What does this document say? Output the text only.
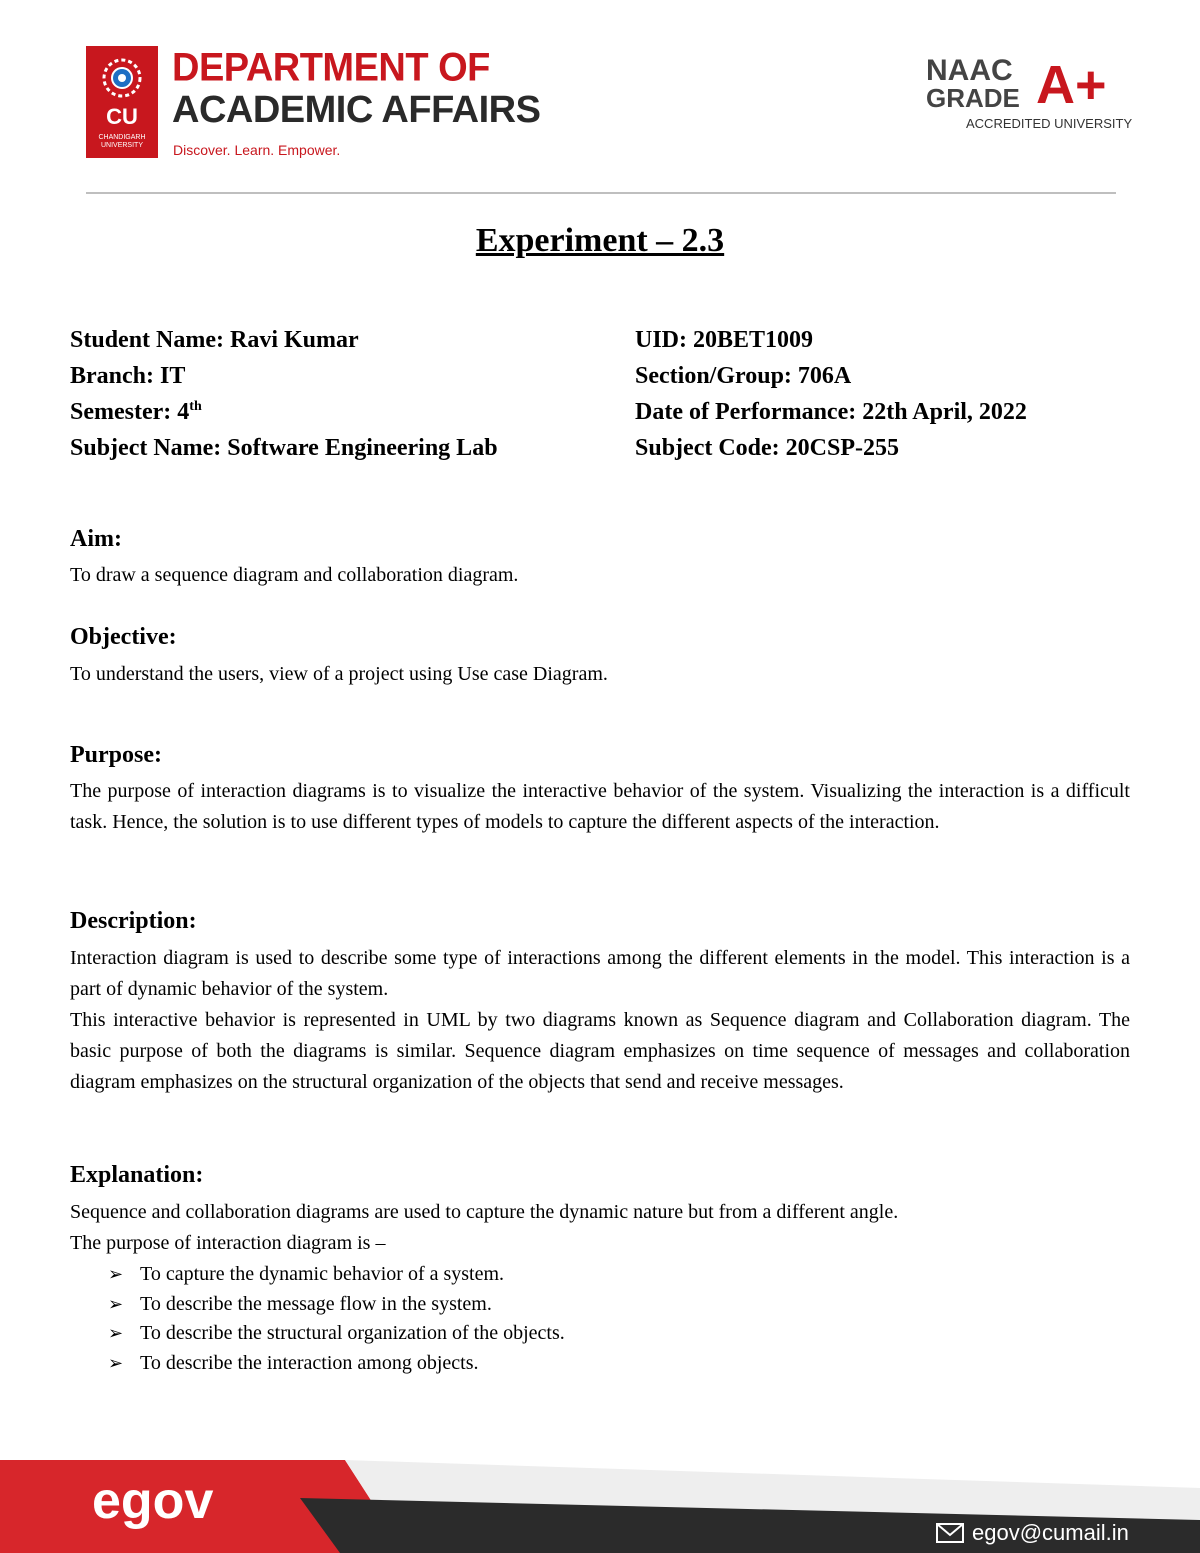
CU
CHANDIGARH UNIVERSITY
DEPARTMENT OF
ACADEMIC AFFAIRS
Discover. Learn. Empower.
NAAC
GRADE A+
ACCREDITED UNIVERSITY
Experiment – 2.3
Student Name: Ravi Kumar
Branch: IT
Semester: 4th
Subject Name: Software Engineering Lab
UID: 20BET1009
Section/Group: 706A
Date of Performance: 22th April, 2022
Subject Code: 20CSP-255
Aim:
To draw a sequence diagram and collaboration diagram.
Objective:
To understand the users, view of a project using Use case Diagram.
Purpose:
The purpose of interaction diagrams is to visualize the interactive behavior of the system. Visualizing the interaction is a difficult task. Hence, the solution is to use different types of models to capture the different aspects of the interaction.
Description:

Interaction diagram is used to describe some type of interactions among the different elements in the model. This interaction is a part of dynamic behavior of the system.

This interactive behavior is represented in UML by two diagrams known as Sequence diagram and Collaboration diagram. The basic purpose of both the diagrams is similar. Sequence diagram emphasizes on time sequence of messages and collaboration diagram emphasizes on the structural organization of the objects that send and receive messages.

Explanation:

Sequence and collaboration diagrams are used to capture the dynamic nature but from a different angle.

The purpose of interaction diagram is –

➢ To capture the dynamic behavior of a system.
➢ To describe the message flow in the system.
➢ To describe the structural organization of the objects.
➢ To describe the interaction among objects.
egov
egov@cumail.in
